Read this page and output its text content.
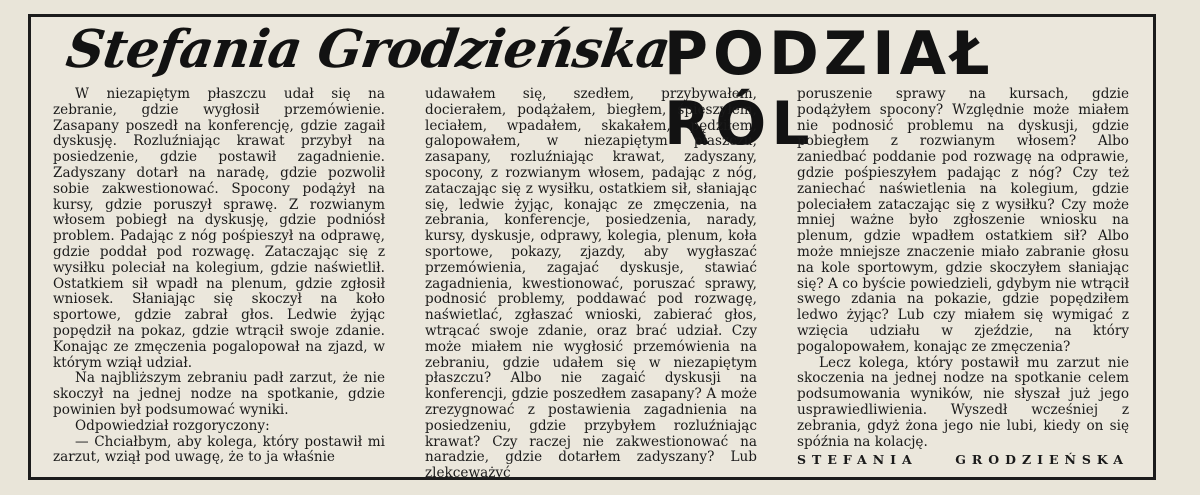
Stefania Grodzieńska
PODZIAŁ RÓL

W niezapiętym płaszczu udał się na zebranie, gdzie wygłosił przemówienie. Zasapany poszedł na konferencję, gdzie zagaił dyskusję. Rozluźniając krawat przybył na posiedzenie, gdzie postawił zagadnienie. Zadyszany dotarł na naradę, gdzie pozwolił sobie zakwestionować. Spocony podążył na kursy, gdzie poruszył sprawę. Z rozwianym włosem pobiegł na dyskusję, gdzie podniósł problem. Padając z nóg pośpieszył na odprawę, gdzie poddał pod rozwagę. Zataczając się z wysiłku poleciał na kolegium, gdzie naświetlił. Ostatkiem sił wpadł na plenum, gdzie zgłosił wniosek. Słaniając się skoczył na koło sportowe, gdzie zabrał głos. Ledwie żyjąc popędził na pokaz, gdzie wtrącił swoje zdanie. Konając ze zmęczenia pogalopował na zjazd, w którym wziął udział.

Na najbliższym zebraniu padł zarzut, że nie skoczył na jednej nodze na spotkanie, gdzie powinien był podsumować wyniki.

Odpowiedział rozgoryczony:

— Chciałbym, aby kolega, który postawił mi zarzut, wziął pod uwagę, że to ja właśnie

udawałem się, szedłem, przybywałem, docierałem, podążałem, biegłem, śpieszyłem, leciałem, wpadałem, skakałem, pędziłem, galopowałem, w niezapiętym płaszczu, zasapany, rozluźniając krawat, zadyszany, spocony, z rozwianym włosem, padając z nóg, zataczając się z wysiłku, ostatkiem sił, słaniając się, ledwie żyjąc, konając ze zmęczenia, na zebrania, konferencje, posiedzenia, narady, kursy, dyskusje, odprawy, kolegia, plenum, koła sportowe, pokazy, zjazdy, aby wygłaszać przemówienia, zagajać dyskusje, stawiać zagadnienia, kwestionować, poruszać sprawy, podnosić problemy, poddawać pod rozwagę, naświetlać, zgłaszać wnioski, zabierać głos, wtrącać swoje zdanie, oraz brać udział. Czy może miałem nie wygłosić przemówienia na zebraniu, gdzie udałem się w niezapiętym płaszczu? Albo nie zagaić dyskusji na konferencji, gdzie poszedłem zasapany? A może zrezygnować z postawienia zagadnienia na posiedzeniu, gdzie przybyłem rozluźniając krawat? Czy raczej nie zakwestionować na naradzie, gdzie dotarłem zadyszany? Lub zlekceważyć

poruszenie sprawy na kursach, gdzie podążyłem spocony? Względnie może miałem nie podnosić problemu na dyskusji, gdzie pobiegłem z rozwianym włosem? Albo zaniedbać poddanie pod rozwagę na odprawie, gdzie pośpieszyłem padając z nóg? Czy też zaniechać naświetlenia na kolegium, gdzie poleciałem zataczając się z wysiłku? Czy może mniej ważne było zgłoszenie wniosku na plenum, gdzie wpadłem ostatkiem sił? Albo może mniejsze znaczenie miało zabranie głosu na kole sportowym, gdzie skoczyłem słaniając się? A co byście powiedzieli, gdybym nie wtrącił swego zdania na pokazie, gdzie popędziłem ledwo żyjąc? Lub czy miałem się wymigać z wzięcia udziału w zjeździe, na który pogalopowałem, konając ze zmęczenia?

Lecz kolega, który postawił mu zarzut nie skoczenia na jednej nodze na spotkanie celem podsumowania wyników, nie słyszał już jego usprawiedliwienia. Wyszedł wcześniej z zebrania, gdyż żona jego nie lubi, kiedy on się spóźnia na kolację.

STEFANIA GRODZIEŃSKA
